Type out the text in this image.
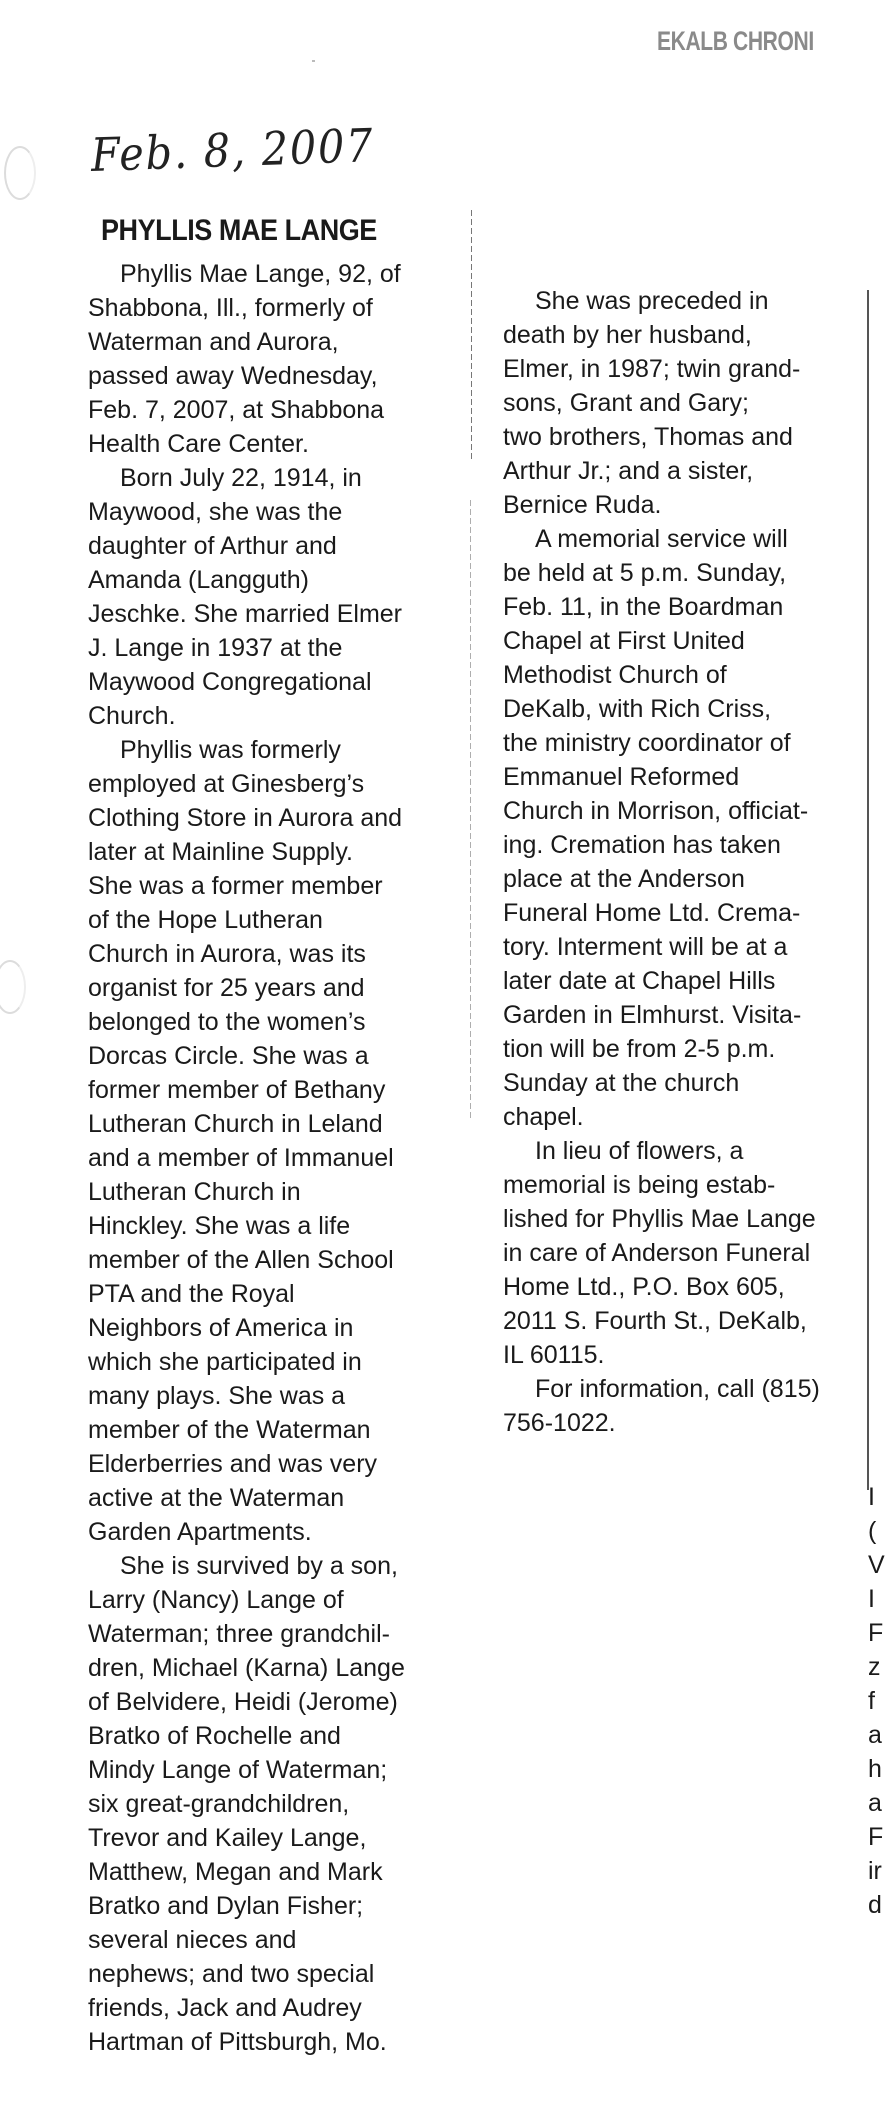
EKALB CHRONI
Feb. 8, 2007
PHYLLIS MAE LANGE
Phyllis Mae Lange, 92, of
Shabbona, Ill., formerly of
Waterman and Aurora,
passed away Wednesday,
Feb. 7, 2007, at Shabbona
Health Care Center.
Born July 22, 1914, in
Maywood, she was the
daughter of Arthur and
Amanda (Langguth)
Jeschke. She married Elmer
J. Lange in 1937 at the
Maywood Congregational
Church.
Phyllis was formerly
employed at Ginesberg’s
Clothing Store in Aurora and
later at Mainline Supply.
She was a former member
of the Hope Lutheran
Church in Aurora, was its
organist for 25 years and
belonged to the women’s
Dorcas Circle. She was a
former member of Bethany
Lutheran Church in Leland
and a member of Immanuel
Lutheran Church in
Hinckley. She was a life
member of the Allen School
PTA and the Royal
Neighbors of America in
which she participated in
many plays. She was a
member of the Waterman
Elderberries and was very
active at the Waterman
Garden Apartments.
She is survived by a son,
Larry (Nancy) Lange of
Waterman; three grandchil-
dren, Michael (Karna) Lange
of Belvidere, Heidi (Jerome)
Bratko of Rochelle and
Mindy Lange of Waterman;
six great-grandchildren,
Trevor and Kailey Lange,
Matthew, Megan and Mark
Bratko and Dylan Fisher;
several nieces and
nephews; and two special
friends, Jack and Audrey
Hartman of Pittsburgh, Mo.
She was preceded in
death by her husband,
Elmer, in 1987; twin grand-
sons, Grant and Gary;
two brothers, Thomas and
Arthur Jr.; and a sister,
Bernice Ruda.
A memorial service will
be held at 5 p.m. Sunday,
Feb. 11, in the Boardman
Chapel at First United
Methodist Church of
DeKalb, with Rich Criss,
the ministry coordinator of
Emmanuel Reformed
Church in Morrison, officiat-
ing. Cremation has taken
place at the Anderson
Funeral Home Ltd. Crema-
tory. Interment will be at a
later date at Chapel Hills
Garden in Elmhurst. Visita-
tion will be from 2-5 p.m.
Sunday at the church
chapel.
In lieu of flowers, a
memorial is being estab-
lished for Phyllis Mae Lange
in care of Anderson Funeral
Home Ltd., P.O. Box 605,
2011 S. Fourth St., DeKalb,
IL 60115.
For information, call (815)
756-1022.
I
(
V
I
F
z
f
a
h
a
F
ir
d
